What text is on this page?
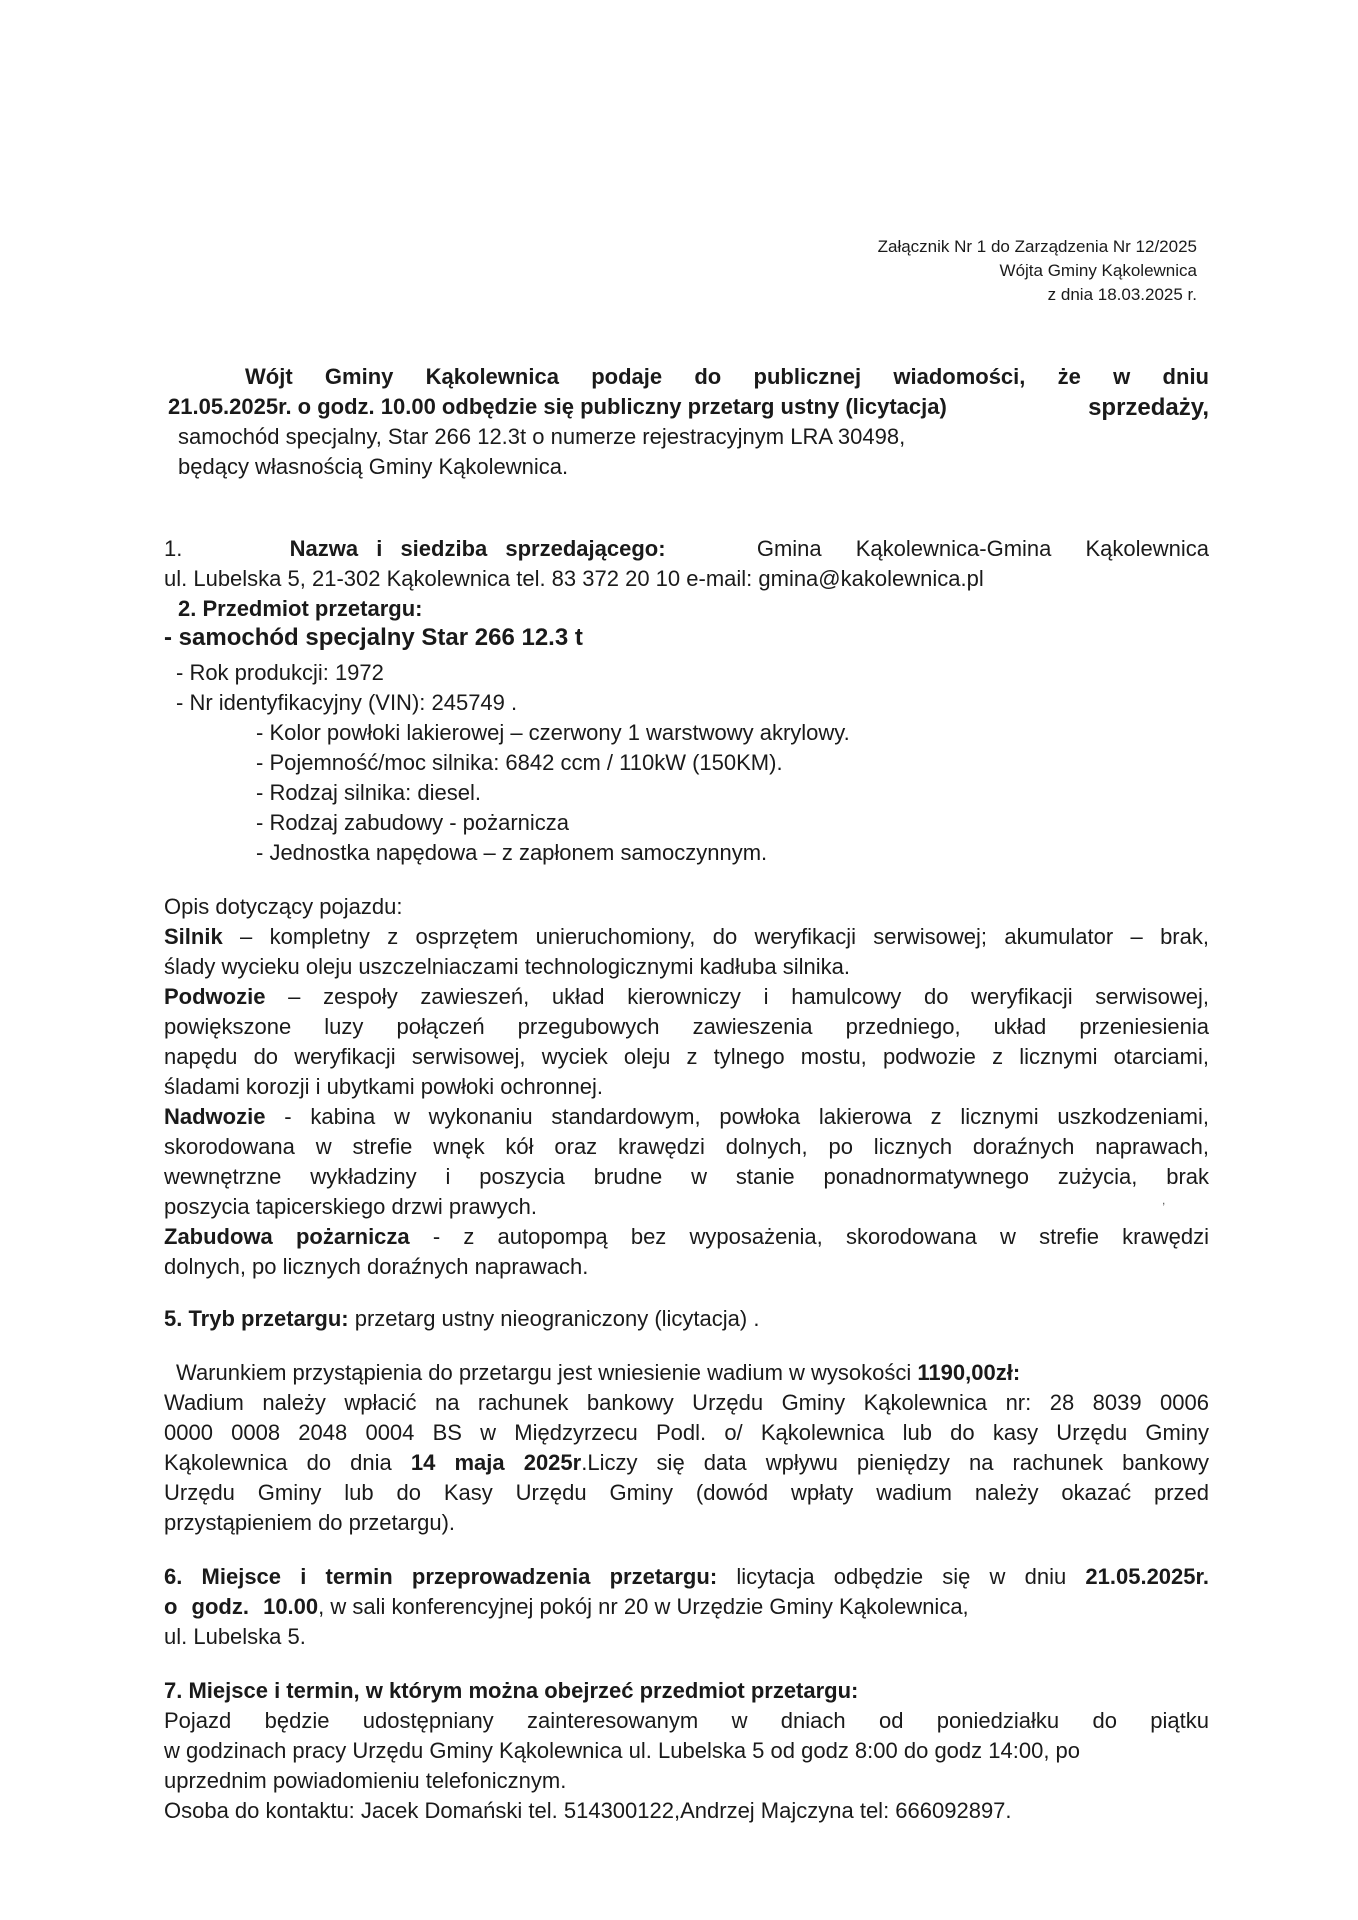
Załącznik Nr 1 do Zarządzenia Nr 12/2025
Wójta Gminy Kąkolewnica
z dnia 18.03.2025 r.
Wójt Gminy Kąkolewnica podaje do publicznej wiadomości, że w dniu
21.05.2025r. o godz. 10.00 odbędzie się publiczny przetarg ustny (licytacja)	sprzedaży,
samochód specjalny, Star 266 12.3t o numerze rejestracyjnym LRA 30498,
będący własnością Gminy Kąkolewnica.
1.	Nazwa i siedziba sprzedającego:	Gmina Kąkolewnica-Gmina Kąkolewnica
ul. Lubelska 5, 21-302 Kąkolewnica tel. 83 372 20 10 e-mail: gmina@kakolewnica.pl
2. Przedmiot przetargu:
- samochód specjalny Star 266 12.3 t
- Rok produkcji: 1972
- Nr identyfikacyjny (VIN): 245749 .
- Kolor powłoki lakierowej – czerwony 1 warstwowy akrylowy.
- Pojemność/moc silnika: 6842 ccm / 110kW (150KM).
- Rodzaj silnika: diesel.
- Rodzaj zabudowy - pożarnicza
- Jednostka napędowa – z zapłonem samoczynnym.
Opis dotyczący pojazdu:
Silnik – kompletny z osprzętem unieruchomiony, do weryfikacji serwisowej; akumulator – brak,
ślady wycieku oleju uszczelniaczami technologicznymi kadłuba silnika.
Podwozie – zespoły zawieszeń, układ kierowniczy i hamulcowy do weryfikacji serwisowej,
powiększone luzy połączeń przegubowych zawieszenia przedniego, układ przeniesienia
napędu do weryfikacji serwisowej, wyciek oleju z tylnego mostu, podwozie z licznymi otarciami,
śladami korozji i ubytkami powłoki ochronnej.
Nadwozie - kabina w wykonaniu standardowym, powłoka lakierowa z licznymi uszkodzeniami,
skorodowana w strefie wnęk kół oraz krawędzi dolnych, po licznych doraźnych naprawach,
wewnętrzne wykładziny i poszycia brudne w stanie ponadnormatywnego zużycia, brak
poszycia tapicerskiego drzwi prawych.	,
Zabudowa pożarnicza - z autopompą bez wyposażenia, skorodowana w strefie krawędzi
dolnych, po licznych doraźnych naprawach.
5. Tryb przetargu: przetarg ustny nieograniczony (licytacja) .
Warunkiem przystąpienia do przetargu jest wniesienie wadium w wysokości 1190,00zł:
Wadium należy wpłacić na rachunek bankowy Urzędu Gminy Kąkolewnica nr: 28 8039 0006
0000 0008 2048 0004 BS w Międzyrzecu Podl. o/ Kąkolewnica lub do kasy Urzędu Gminy
Kąkolewnica do dnia 14 maja 2025r.Liczy się data wpływu pieniędzy na rachunek bankowy
Urzędu Gminy lub do Kasy Urzędu Gminy (dowód wpłaty wadium należy okazać przed
przystąpieniem do przetargu).
6. Miejsce i termin przeprowadzenia przetargu: licytacja odbędzie się w dniu 21.05.2025r.
o godz. 10.00, w sali konferencyjnej pokój nr 20 w Urzędzie Gminy Kąkolewnica,
ul. Lubelska 5.
7. Miejsce i termin, w którym można obejrzeć przedmiot przetargu:
Pojazd będzie udostępniany zainteresowanym w dniach od poniedziałku do piątku
w godzinach pracy Urzędu Gminy Kąkolewnica ul. Lubelska 5 od godz 8:00 do godz 14:00, po
uprzednim powiadomieniu telefonicznym.
Osoba do kontaktu: Jacek Domański tel. 514300122,Andrzej Majczyna tel: 666092897.
